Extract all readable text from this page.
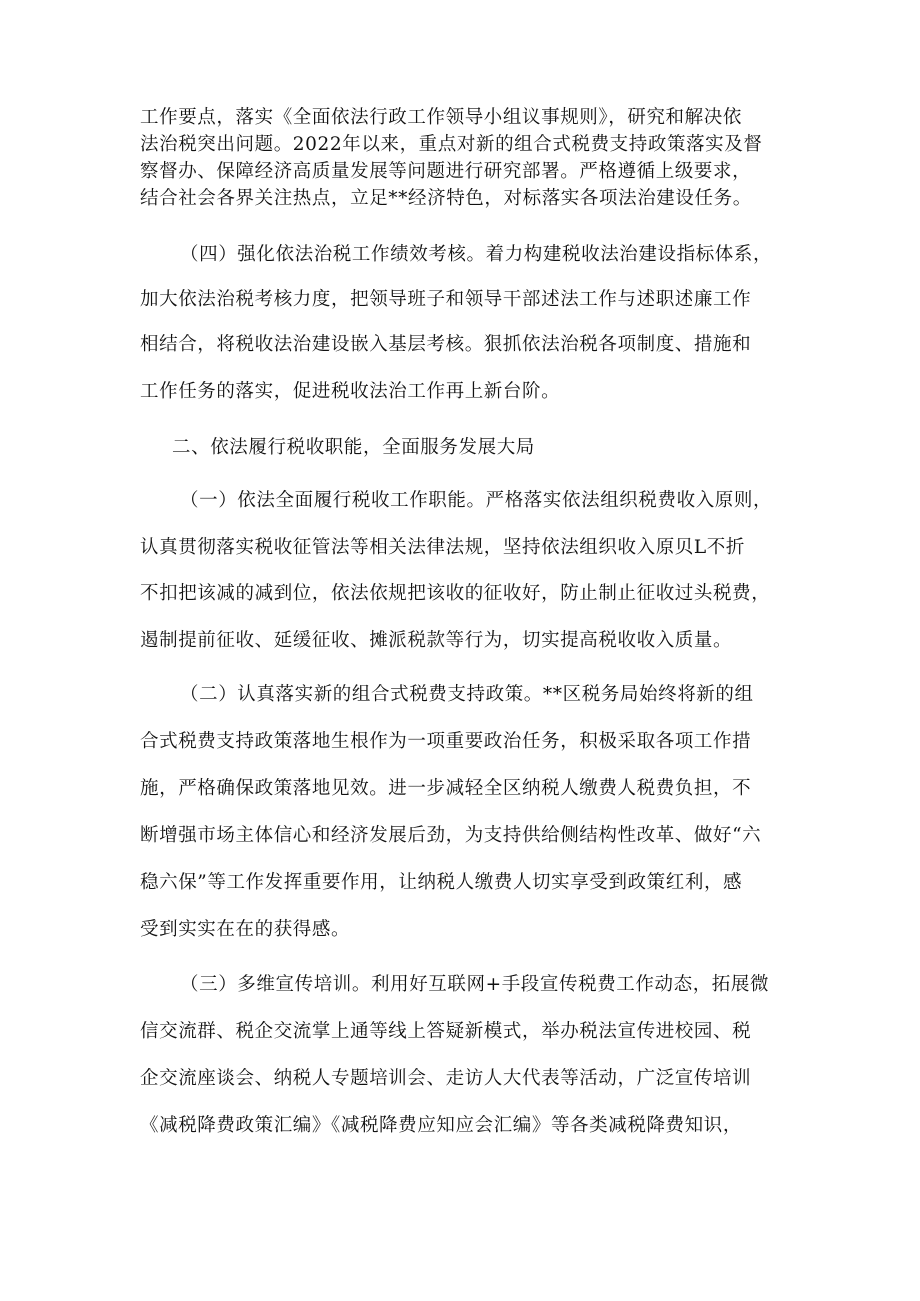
工作要点，落实《全面依法行政工作领导小组议事规则》，研究和解决依
法治税突出问题。2022年以来，重点对新的组合式税费支持政策落实及督
察督办、保障经济高质量发展等问题进行研究部署。严格遵循上级要求，
结合社会各界关注热点，立足**经济特色，对标落实各项法治建设任务。
（四）强化依法治税工作绩效考核。着力构建税收法治建设指标体系，
加大依法治税考核力度，把领导班子和领导干部述法工作与述职述廉工作
相结合，将税收法治建设嵌入基层考核。狠抓依法治税各项制度、措施和
工作任务的落实，促进税收法治工作再上新台阶。
二、依法履行税收职能，全面服务发展大局
（一）依法全面履行税收工作职能。严格落实依法组织税费收入原则，
认真贯彻落实税收征管法等相关法律法规，坚持依法组织收入原贝L不折
不扣把该减的减到位，依法依规把该收的征收好，防止制止征收过头税费，
遏制提前征收、延缓征收、摊派税款等行为，切实提高税收收入质量。
（二）认真落实新的组合式税费支持政策。**区税务局始终将新的组
合式税费支持政策落地生根作为一项重要政治任务，积极采取各项工作措
施，严格确保政策落地见效。进一步减轻全区纳税人缴费人税费负担，不
断增强市场主体信心和经济发展后劲，为支持供给侧结构性改革、做好“六
稳六保”等工作发挥重要作用，让纳税人缴费人切实享受到政策红利，感
受到实实在在的获得感。
（三）多维宣传培训。利用好互联网+手段宣传税费工作动态，拓展微
信交流群、税企交流掌上通等线上答疑新模式，举办税法宣传进校园、税
企交流座谈会、纳税人专题培训会、走访人大代表等活动，广泛宣传培训
《减税降费政策汇编》《减税降费应知应会汇编》等各类减税降费知识，
